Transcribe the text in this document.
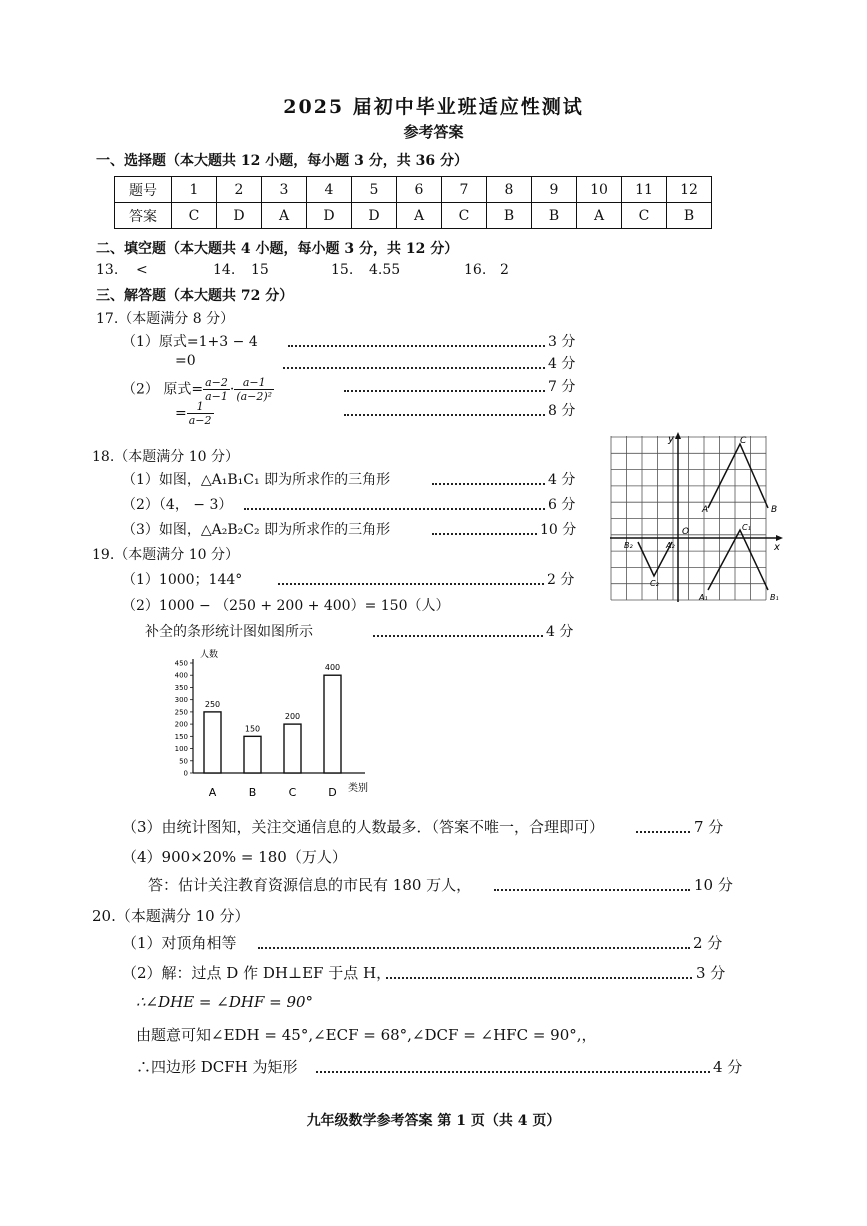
2025 届初中毕业班适应性测试
参考答案
一、选择题（本大题共 12 小题，每小题 3 分，共 36 分）
题号	1	2	3	4	5	6	7	8	9	10	11	12
答案	C	D	A	D	D	A	C	B	B	A	C	B
二、填空题（本大题共 4 小题，每小题 3 分，共 12 分）
13. <	14. 15	15. 4.55	16. 2
三、解答题（本大题共 72 分）
17.（本题满分 8 分）
（1）原式=1+3 − 4	3 分
=0	4 分
（2） 原式= $\frac{a-2}{a-1} \cdot \frac{a-1}{\text{(a−2)²}}$	7 分
= $\frac{1}{a-2}$	8 分
18.（本题满分 10 分）
（1）如图，△A₁B₁C₁ 即为所求作的三角形	4 分
（2）（4， − 3）	6 分
（3）如图，△A₂B₂C₂ 即为所求作的三角形	10 分
y
x
O
C
A	B
C₁
A₁	B₁
A₂
B₂
C₂
19.（本题满分 10 分）
（1）1000；144°	2 分
（2）1000 − （250 + 200 + 400）= 150（人）
补全的条形统计图如图所示	4 分
人数
类别
0
50
100
150
200
250
300
350
400
450
250
A
150
B
200
C
400
D
（3）由统计图知，关注交通信息的人数最多．（答案不唯一，合理即可）	7 分
（4）900×20% = 180（万人）
答：估计关注教育资源信息的市民有 180 万人，	10 分
20.（本题满分 10 分）
（1）对顶角相等	2 分
（2）解：过点 D 作 DH⊥EF 于点 H，	3 分
∴∠DHE = ∠DHF = 90°
由题意可知∠EDH = 45°,∠ECF = 68°,∠DCF = ∠HFC = 90°,，
∴四边形 DCFH 为矩形	4 分
九年级数学参考答案 第 1 页（共 4 页）
